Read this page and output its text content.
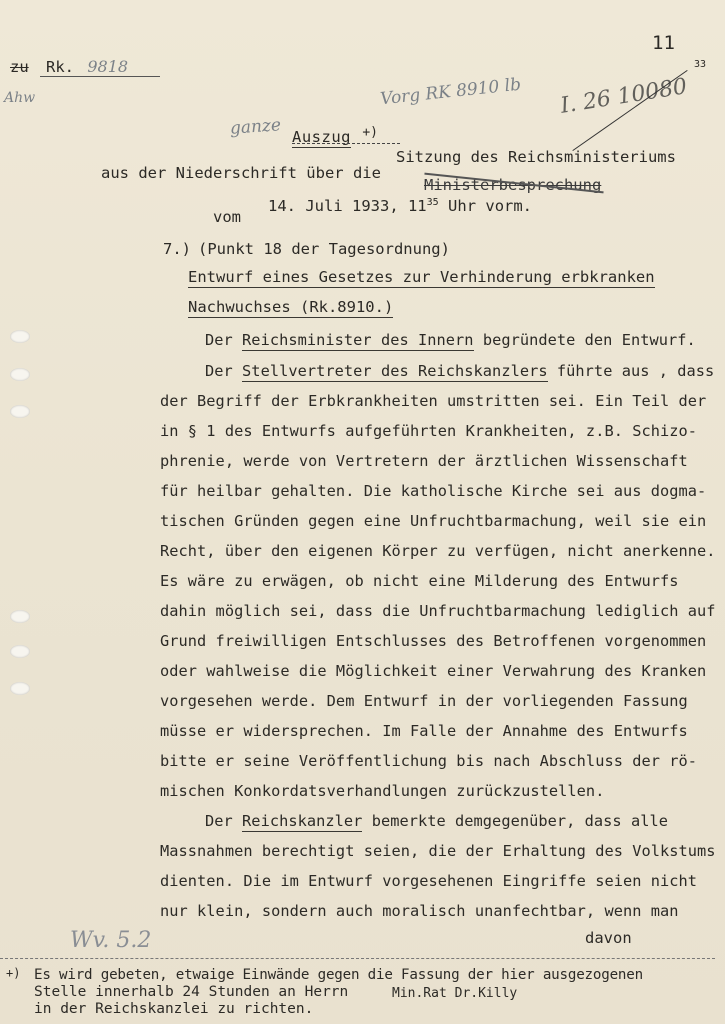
11
zu Rk. 9818
Ahw	Vorg RK 8910 lb I. 26 10080
33
ganze Auszug +)
Sitzung des Reichsministeriums
aus der Niederschrift über die
Ministerbesprechung
14. Juli 1933, $11^{35}$ Uhr vorm.
vom
7.) (Punkt 18 der Tagesordnung)
Entwurf eines Gesetzes zur Verhinderung erbkranken
Nachwuchses (Rk.8910.)
Der Reichsminister des Innern begründete den Entwurf.
Der Stellvertreter des Reichskanzlers führte aus , dass
der Begriff der Erbkrankheiten umstritten sei. Ein Teil der
in § 1 des Entwurfs aufgeführten Krankheiten, z.B. Schizo-
phrenie, werde von Vertretern der ärztlichen Wissenschaft
für heilbar gehalten. Die katholische Kirche sei aus dogma-
tischen Gründen gegen eine Unfruchtbarmachung, weil sie ein
Recht, über den eigenen Körper zu verfügen, nicht anerkenne.
Es wäre zu erwägen, ob nicht eine Milderung des Entwurfs
dahin möglich sei, dass die Unfruchtbarmachung lediglich auf
Grund freiwilligen Entschlusses des Betroffenen vorgenommen
oder wahlweise die Möglichkeit einer Verwahrung des Kranken
vorgesehen werde. Dem Entwurf in der vorliegenden Fassung
müsse er widersprechen. Im Falle der Annahme des Entwurfs
bitte er seine Veröffentlichung bis nach Abschluss der rö-
mischen Konkordatsverhandlungen zurückzustellen.
Der Reichskanzler bemerkte demgegenüber, dass alle
Massnahmen berechtigt seien, die der Erhaltung des Volkstums
dienten. Die im Entwurf vorgesehenen Eingriffe seien nicht
nur klein, sondern auch moralisch unanfechtbar, wenn man
davon
Wv. 5.2
+) Es wird gebeten, etwaige Einwände gegen die Fassung der hier ausgezogenen
Stelle innerhalb 24 Stunden an Herrn	Min.Rat Dr.Killy
in der Reichskanzlei zu richten.
